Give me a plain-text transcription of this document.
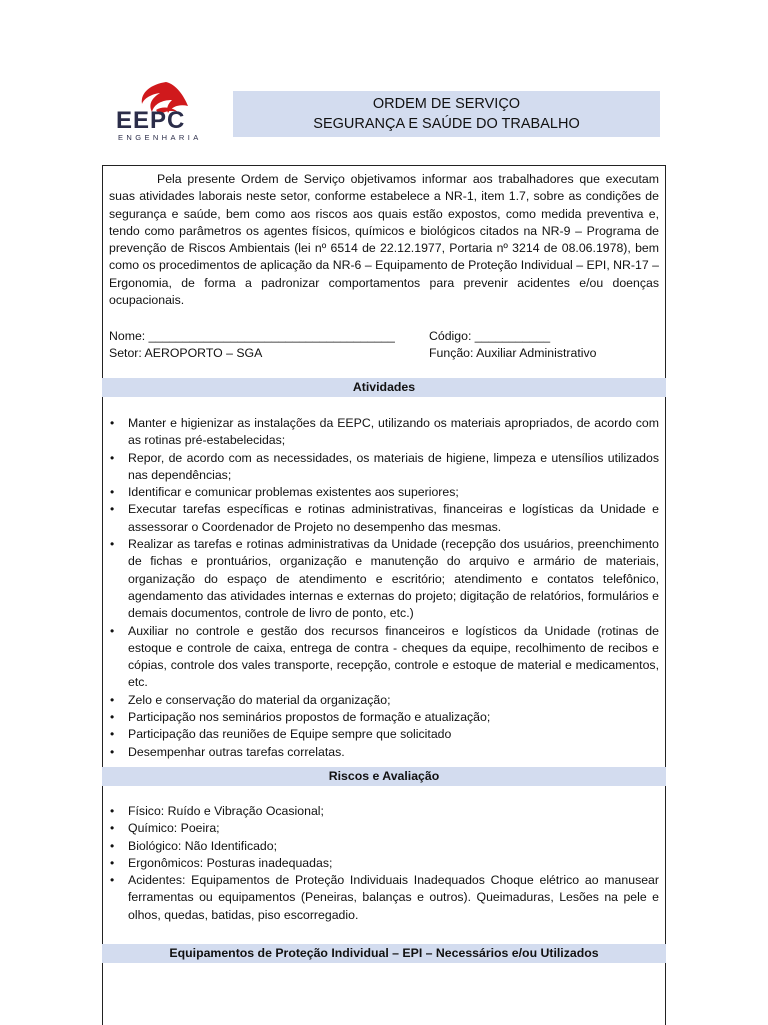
EEPC
ENGENHARIA
ORDEM DE SERVIÇO
SEGURANÇA E SAÚDE DO TRABALHO

Pela presente Ordem de Serviço objetivamos informar aos trabalhadores que executam suas atividades laborais neste setor, conforme estabelece a NR-1, item 1.7, sobre as condições de segurança e saúde, bem como aos riscos aos quais estão expostos, como medida preventiva e, tendo como parâmetros os agentes físicos, químicos e biológicos citados na NR-9 – Programa de prevenção de Riscos Ambientais (lei nº 6514 de 22.12.1977, Portaria nº 3214 de 08.06.1978), bem como os procedimentos de aplicação da NR-6 – Equipamento de Proteção Individual – EPI, NR-17 – Ergonomia, de forma a padronizar comportamentos para prevenir acidentes e/ou doenças ocupacionais.

Nome: ____________________________________	Código: ___________
Setor: AEROPORTO – SGA	Função: Auxiliar Administrativo
Atividades
• Manter e higienizar as instalações da EEPC, utilizando os materiais apropriados, de acordo com as rotinas pré-estabelecidas;
• Repor, de acordo com as necessidades, os materiais de higiene, limpeza e utensílios utilizados nas dependências;
• Identificar e comunicar problemas existentes aos superiores;
• Executar tarefas específicas e rotinas administrativas, financeiras e logísticas da Unidade e assessorar o Coordenador de Projeto no desempenho das mesmas.
• Realizar as tarefas e rotinas administrativas da Unidade (recepção dos usuários, preenchimento de fichas e prontuários, organização e manutenção do arquivo e armário de materiais, organização do espaço de atendimento e escritório; atendimento e contatos telefônico, agendamento das atividades internas e externas do projeto; digitação de relatórios, formulários e demais documentos, controle de livro de ponto, etc.)
• Auxiliar no controle e gestão dos recursos financeiros e logísticos da Unidade (rotinas de estoque e controle de caixa, entrega de contra - cheques da equipe, recolhimento de recibos e cópias, controle dos vales transporte, recepção, controle e estoque de material e medicamentos, etc.
• Zelo e conservação do material da organização;
• Participação nos seminários propostos de formação e atualização;
• Participação das reuniões de Equipe sempre que solicitado
• Desempenhar outras tarefas correlatas.
Riscos e Avaliação
• Físico: Ruído e Vibração Ocasional;
• Químico: Poeira;
• Biológico: Não Identificado;
• Ergonômicos: Posturas inadequadas;
• Acidentes: Equipamentos de Proteção Individuais Inadequados Choque elétrico ao manusear ferramentas ou equipamentos (Peneiras, balanças e outros). Queimaduras, Lesões na pele e olhos, quedas, batidas, piso escorregadio.
Equipamentos de Proteção Individual – EPI – Necessários e/ou Utilizados
